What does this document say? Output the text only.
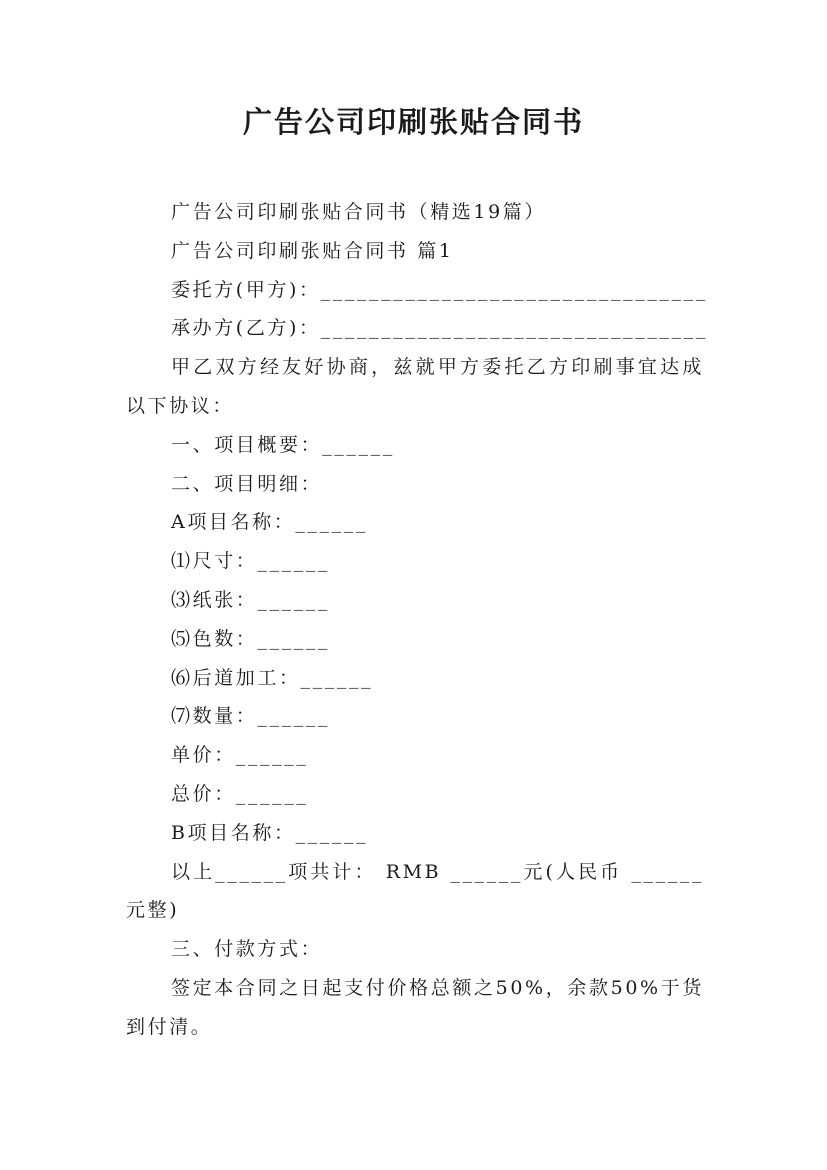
广告公司印刷张贴合同书

广告公司印刷张贴合同书（精选19篇）

广告公司印刷张贴合同书 篇1

委托方(甲方)：________________________________

承办方(乙方)：________________________________

甲乙双方经友好协商，兹就甲方委托乙方印刷事宜达成以下协议：

一、项目概要：______

二、项目明细：

A项目名称：______

⑴尺寸：______

⑶纸张：______

⑸色数：______

⑹后道加工：______

⑺数量：______

单价：______

总价：______

B项目名称：______

以上______项共计： RMB ______元(人民币 ______元整)

三、付款方式：

签定本合同之日起支付价格总额之50%，余款50%于货到付清。
